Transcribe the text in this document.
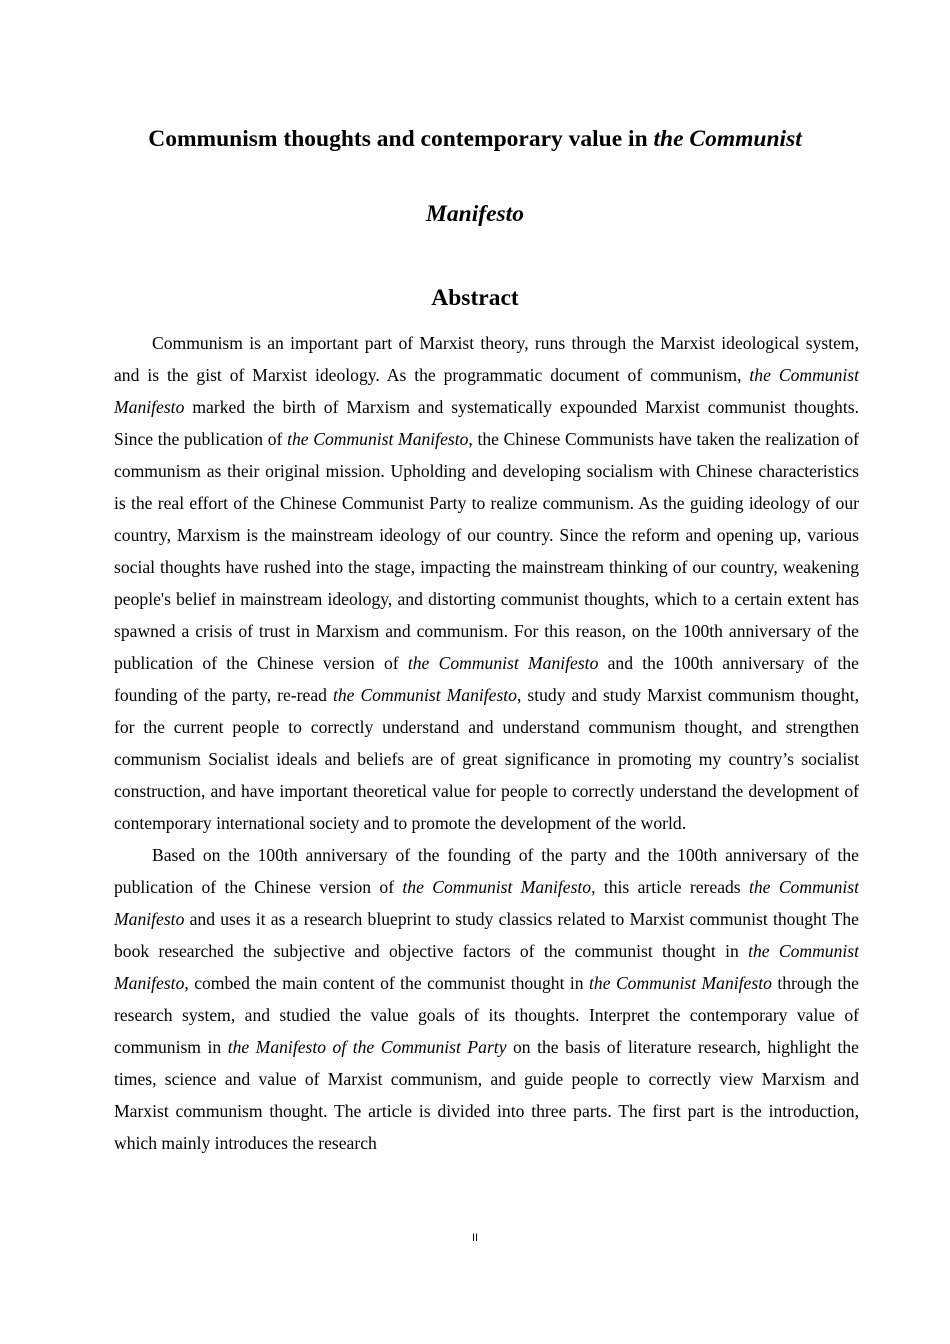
Communism thoughts and contemporary value in the Communist
Manifesto
Abstract

Communism is an important part of Marxist theory, runs through the Marxist ideological system, and is the gist of Marxist ideology. As the programmatic document of communism, the Communist Manifesto marked the birth of Marxism and systematically expounded Marxist communist thoughts. Since the publication of the Communist Manifesto, the Chinese Communists have taken the realization of communism as their original mission. Upholding and developing socialism with Chinese characteristics is the real effort of the Chinese Communist Party to realize communism. As the guiding ideology of our country, Marxism is the mainstream ideology of our country. Since the reform and opening up, various social thoughts have rushed into the stage, impacting the mainstream thinking of our country, weakening people's belief in mainstream ideology, and distorting communist thoughts, which to a certain extent has spawned a crisis of trust in Marxism and communism. For this reason, on the 100th anniversary of the publication of the Chinese version of the Communist Manifesto and the 100th anniversary of the founding of the party, re-read the Communist Manifesto, study and study Marxist communism thought, for the current people to correctly understand and understand communism thought, and strengthen communism Socialist ideals and beliefs are of great significance in promoting my country’s socialist construction, and have important theoretical value for people to correctly understand the development of contemporary international society and to promote the development of the world.

Based on the 100th anniversary of the founding of the party and the 100th anniversary of the publication of the Chinese version of the Communist Manifesto, this article rereads the Communist Manifesto and uses it as a research blueprint to study classics related to Marxist communist thought The book researched the subjective and objective factors of the communist thought in the Communist Manifesto, combed the main content of the communist thought in the Communist Manifesto through the research system, and studied the value goals of its thoughts. Interpret the contemporary value of communism in the Manifesto of the Communist Party on the basis of literature research, highlight the times, science and value of Marxist communism, and guide people to correctly view Marxism and Marxist communism thought. The article is divided into three parts. The first part is the introduction, which mainly introduces the research

II
